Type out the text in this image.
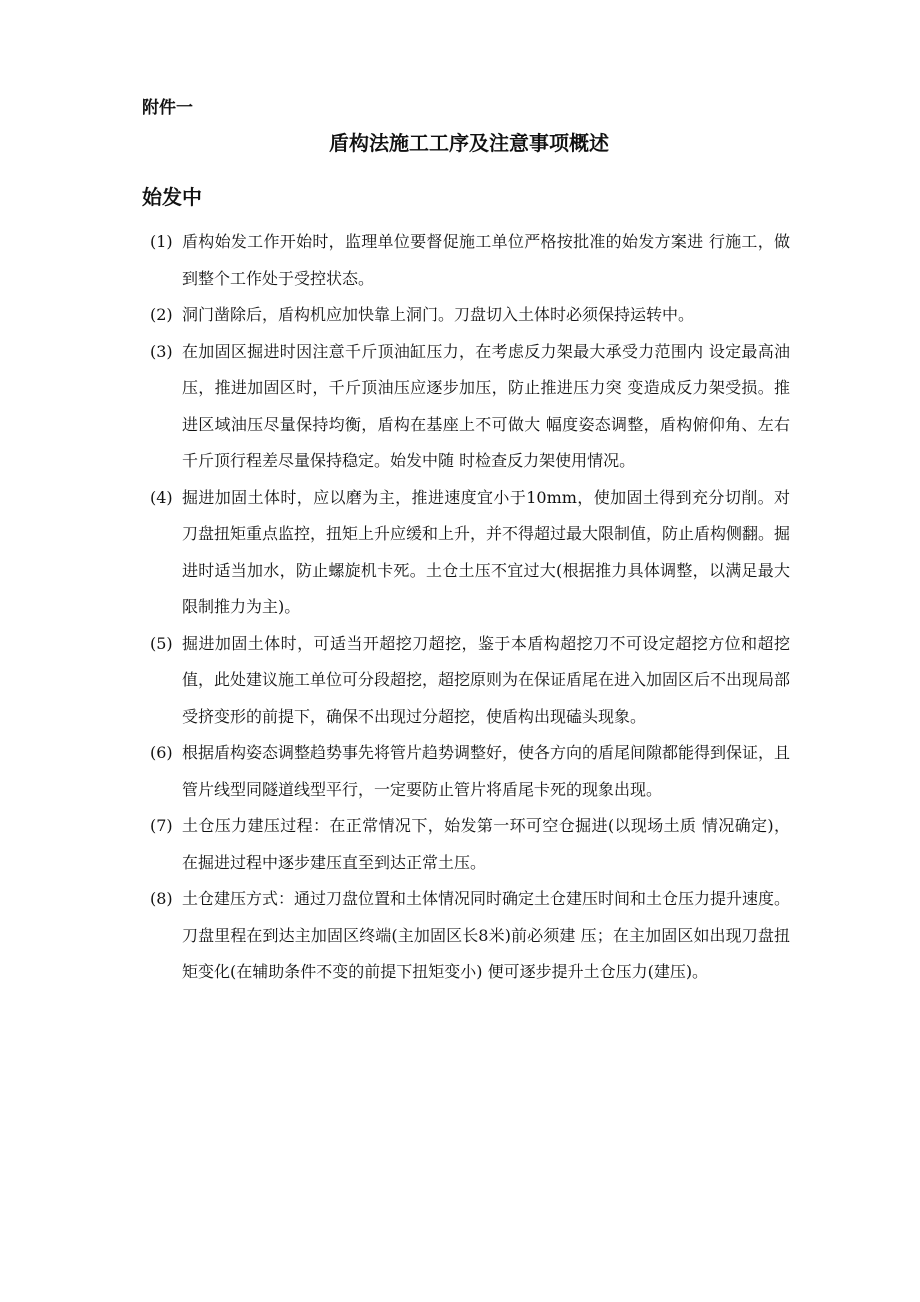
附件一
盾构法施工工序及注意事项概述
始发中
(1) 盾构始发工作开始时，监理单位要督促施工单位严格按批准的始发方案进 行施工，做到整个工作处于受控状态。
(2) 洞门凿除后，盾构机应加快靠上洞门。刀盘切入土体时必须保持运转中。
(3) 在加固区掘进时因注意千斤顶油缸压力，在考虑反力架最大承受力范围内 设定最高油压，推进加固区时，千斤顶油压应逐步加压，防止推进压力突 变造成反力架受损。推进区域油压尽量保持均衡，盾构在基座上不可做大 幅度姿态调整，盾构俯仰角、左右千斤顶行程差尽量保持稳定。始发中随 时检查反力架使用情况。
(4) 掘进加固土体时，应以磨为主，推进速度宜小于10mm，使加固土得到充分切削。对刀盘扭矩重点监控，扭矩上升应缓和上升，并不得超过最大限制值，防止盾构侧翻。掘进时适当加水，防止螺旋机卡死。土仓土压不宜过大(根据推力具体调整，以满足最大限制推力为主)。
(5) 掘进加固土体时，可适当开超挖刀超挖，鉴于本盾构超挖刀不可设定超挖方位和超挖值，此处建议施工单位可分段超挖，超挖原则为在保证盾尾在进入加固区后不出现局部受挤变形的前提下，确保不出现过分超挖，使盾构出现磕头现象。
(6) 根据盾构姿态调整趋势事先将管片趋势调整好，使各方向的盾尾间隙都能得到保证，且管片线型同隧道线型平行，一定要防止管片将盾尾卡死的现象出现。
(7) 土仓压力建压过程：在正常情况下，始发第一环可空仓掘进(以现场土质 情况确定)，在掘进过程中逐步建压直至到达正常土压。
(8) 土仓建压方式：通过刀盘位置和土体情况同时确定土仓建压时间和土仓压力提升速度。刀盘里程在到达主加固区终端(主加固区长8米)前必须建 压；在主加固区如出现刀盘扭矩变化(在辅助条件不变的前提下扭矩变小) 便可逐步提升土仓压力(建压)。
